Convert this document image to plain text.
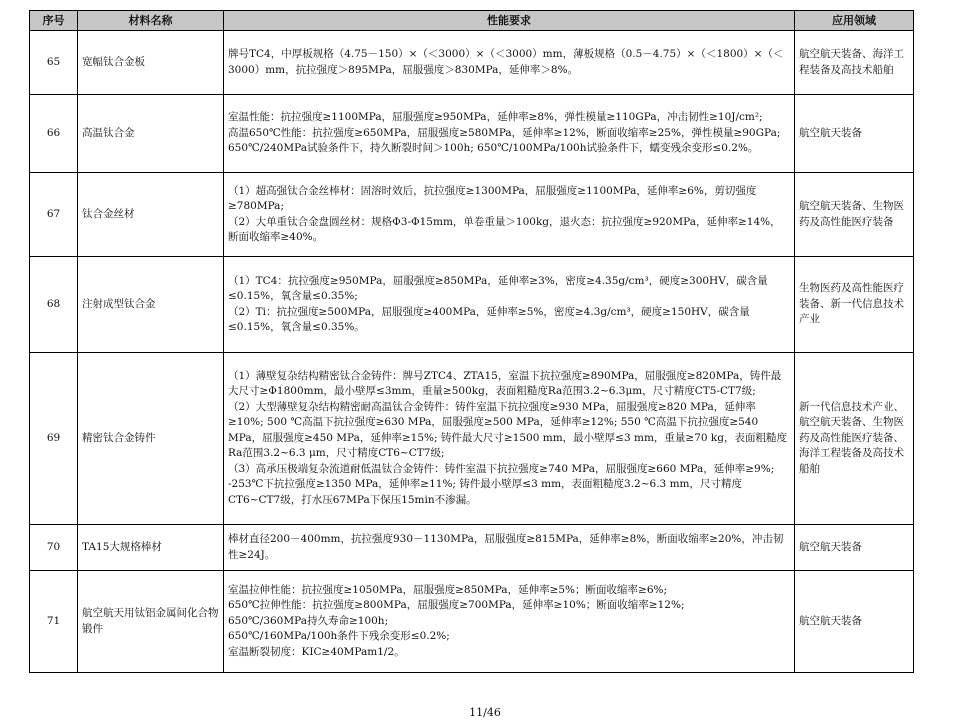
序号	材料名称	性能要求	应用领域
65	宽幅钛合金板	牌号TC4，中厚板规格（4.75－150）×（＜3000）×（＜3000）mm，薄板规格（0.5－4.75）×（＜1800）×（＜3000）mm，抗拉强度＞895MPa，屈服强度＞830MPa，延伸率＞8%。	航空航天装备、海洋工程装备及高技术船舶
66	高温钛合金	室温性能：抗拉强度≥1100MPa，屈服强度≥950MPa，延伸率≥8%，弹性模量≥110GPa，冲击韧性≥10J/cm²;
高温650℃性能：抗拉强度≥650MPa，屈服强度≥580MPa，延伸率≥12%，断面收缩率≥25%，弹性模量≥90GPa;
650℃/240MPa试验条件下，持久断裂时间＞100h; 650℃/100MPa/100h试验条件下，蠕变残余变形≤0.2%。	航空航天装备
67	钛合金丝材	（1）超高强钛合金丝棒材：固溶时效后，抗拉强度≥1300MPa，屈服强度≥1100MPa，延伸率≥6%，剪切强度≥780MPa;
（2）大单重钛合金盘圆丝材：规格Φ3-Φ15mm，单卷重量＞100kg，退火态：抗拉强度≥920MPa，延伸率≥14%，断面收缩率≥40%。	航空航天装备、生物医药及高性能医疗装备
68	注射成型钛合金	（1）TC4：抗拉强度≥950MPa，屈服强度≥850MPa，延伸率≥3%，密度≥4.35g/cm³，硬度≥300HV，碳含量≤0.15%，氧含量≤0.35%;
（2）Ti：抗拉强度≥500MPa，屈服强度≥400MPa，延伸率≥5%，密度≥4.3g/cm³，硬度≥150HV，碳含量≤0.15%，氧含量≤0.35%。	生物医药及高性能医疗装备、新一代信息技术产业
69	精密钛合金铸件	（1）薄壁复杂结构精密钛合金铸件：牌号ZTC4、ZTA15，室温下抗拉强度≥890MPa，屈服强度≥820MPa，铸件最大尺寸≥Φ1800mm，最小壁厚≤3mm，重量≥500kg，表面粗糙度Ra范围3.2~6.3μm，尺寸精度CT5-CT7级;
（2）大型薄壁复杂结构精密耐高温钛合金铸件：铸件室温下抗拉强度≥930 MPa，屈服强度≥820 MPa，延伸率≥10%; 500 ℃高温下抗拉强度≥630 MPa，屈服强度≥500 MPa，延伸率≥12%; 550 ℃高温下抗拉强度≥540 MPa，屈服强度≥450 MPa，延伸率≥15%; 铸件最大尺寸≥1500 mm，最小壁厚≤3 mm，重量≥70 kg，表面粗糙度Ra范围3.2~6.3 μm，尺寸精度CT6~CT7级;
（3）高承压极端复杂流道耐低温钛合金铸件：铸件室温下抗拉强度≥740 MPa，屈服强度≥660 MPa，延伸率≥9%; -253℃下抗拉强度≥1350 MPa，延伸率≥11%; 铸件最小壁厚≤3 mm，表面粗糙度3.2~6.3 mm，尺寸精度CT6~CT7级，打水压67MPa下保压15min不渗漏。	新一代信息技术产业、航空航天装备、生物医药及高性能医疗装备、海洋工程装备及高技术船舶
70	TA15大规格棒材	棒材直径200－400mm，抗拉强度930－1130MPa，屈服强度≥815MPa，延伸率≥8%，断面收缩率≥20%，冲击韧性≥24J。	航空航天装备
71	航空航天用钛铝金属间化合物锻件	室温拉伸性能：抗拉强度≥1050MPa，屈服强度≥850MPa，延伸率≥5%；断面收缩率≥6%;
650℃拉伸性能：抗拉强度≥800MPa，屈服强度≥700MPa，延伸率≥10%；断面收缩率≥12%;
650℃/360MPa持久寿命≥100h;
650℃/160MPa/100h条件下残余变形≤0.2%;
室温断裂韧度：KIC≥40MPam1/2。	航空航天装备
11/46
